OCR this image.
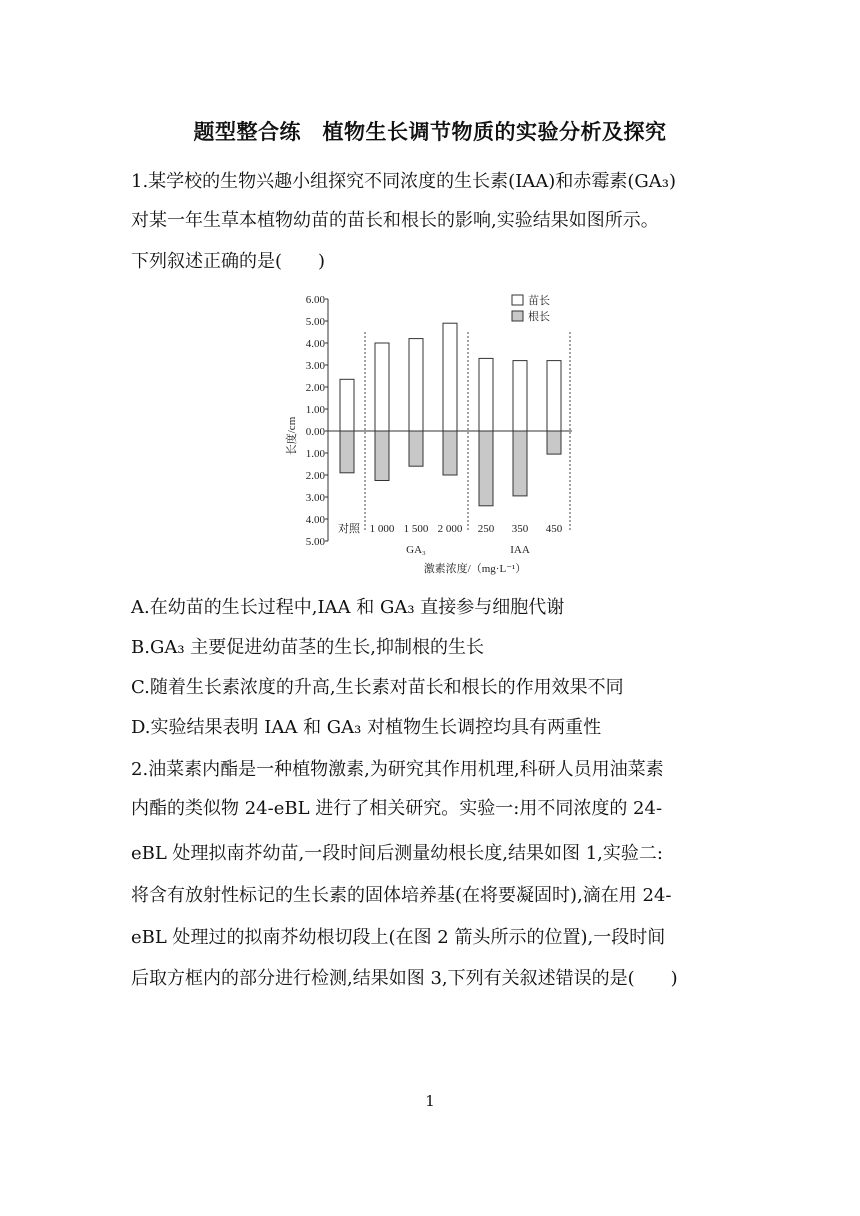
题型整合练　植物生长调节物质的实验分析及探究
1.某学校的生物兴趣小组探究不同浓度的生长素(IAA)和赤霉素(GA₃)
对某一年生草本植物幼苗的苗长和根长的影响,实验结果如图所示。
下列叙述正确的是(　　)
6.00
5.00
4.00
3.00
2.00
1.00
0.00
1.00
2.00
3.00
4.00
5.00
长度/cm
对照 1 000 1 500 2 000 250 350 450
GA₃	IAA
激素浓度/（mg·L⁻¹）
苗长
根长
A.在幼苗的生长过程中,IAA 和 GA₃ 直接参与细胞代谢
B.GA₃ 主要促进幼苗茎的生长,抑制根的生长
C.随着生长素浓度的升高,生长素对苗长和根长的作用效果不同
D.实验结果表明 IAA 和 GA₃ 对植物生长调控均具有两重性
2.油菜素内酯是一种植物激素,为研究其作用机理,科研人员用油菜素
内酯的类似物 24-eBL 进行了相关研究。实验一:用不同浓度的 24-
eBL 处理拟南芥幼苗,一段时间后测量幼根长度,结果如图 1,实验二:
将含有放射性标记的生长素的固体培养基(在将要凝固时),滴在用 24-
eBL 处理过的拟南芥幼根切段上(在图 2 箭头所示的位置),一段时间
后取方框内的部分进行检测,结果如图 3,下列有关叙述错误的是(　　)
1
